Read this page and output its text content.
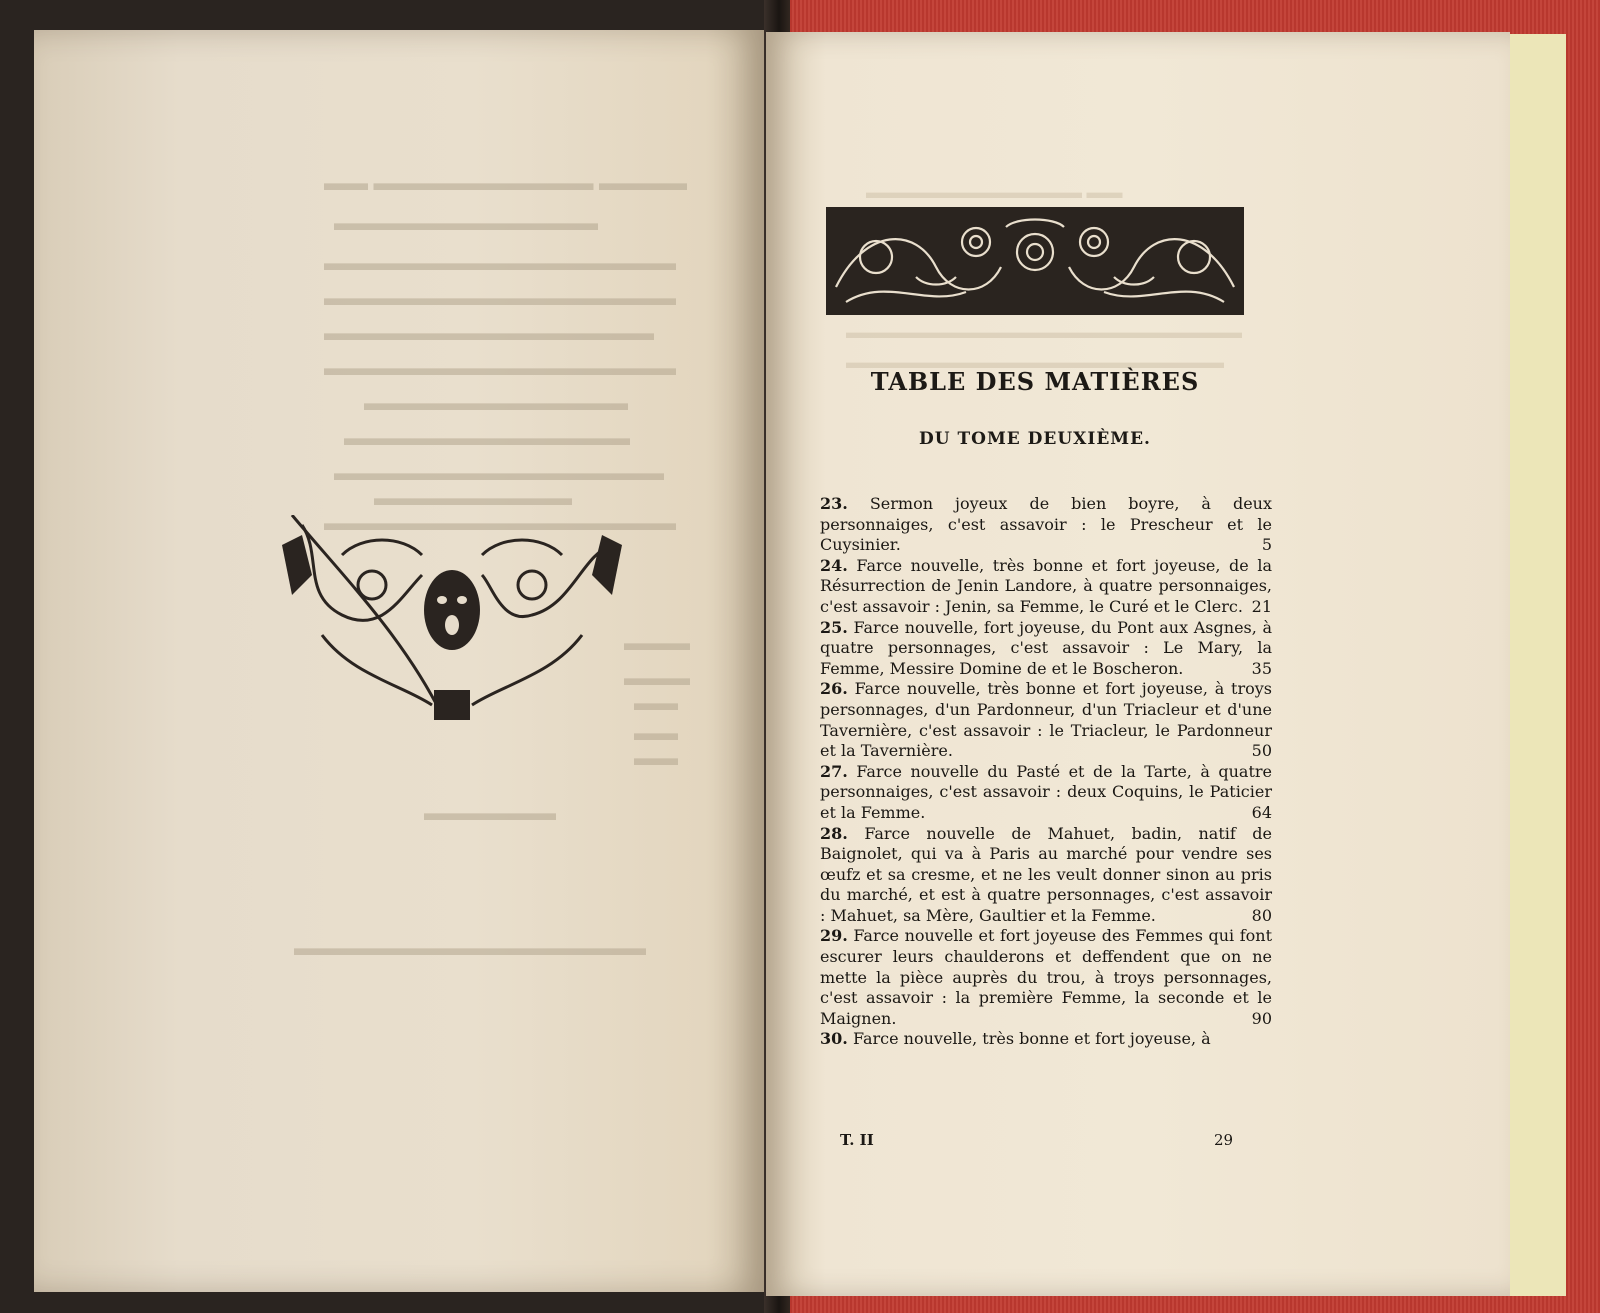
▬▬▬▬ ▬▬▬▬▬▬▬▬▬▬ ▬▬
▬▬▬▬▬▬▬▬▬▬▬▬
▬▬▬▬▬▬▬▬▬▬▬▬▬▬▬▬
▬▬▬▬▬▬▬▬▬▬▬▬▬▬▬▬
▬▬▬▬▬▬▬▬▬▬▬▬▬▬▬
▬▬▬▬▬▬▬▬▬▬▬▬▬▬▬▬
▬▬▬▬▬▬▬▬▬▬▬▬
▬▬▬▬▬▬▬▬▬▬▬▬▬
▬▬▬▬▬▬▬▬▬▬▬▬▬▬▬
▬▬▬▬▬▬▬▬▬
▬▬▬▬▬▬▬▬▬▬▬▬▬▬▬▬
▬▬▬
▬▬▬
▬▬
▬▬
▬▬
▬▬▬▬▬▬
▬▬▬▬▬▬▬▬▬▬▬▬▬▬▬▬
▬▬ ▬▬▬▬▬▬▬▬▬▬▬▬
▬▬▬▬▬▬▬▬▬▬▬▬▬▬▬▬▬▬▬▬▬▬
▬▬▬▬▬▬▬▬▬▬▬▬▬▬▬▬▬▬▬▬▬
TABLE DES MATIÈRES
DU TOME DEUXIÈME.

23. Sermon joyeux de bien boyre, à deux personnaiges, c'est assavoir : le Prescheur et le Cuysinier.	5

24. Farce nouvelle, très bonne et fort joyeuse, de la Résurrection de Jenin Landore, à quatre personnaiges, c'est assavoir : Jenin, sa Femme, le Curé et le Clerc. 21

25. Farce nouvelle, fort joyeuse, du Pont aux Asgnes, à quatre personnages, c'est assavoir : Le Mary, la Femme, Messire Domine de et le Boscheron.	35

26. Farce nouvelle, très bonne et fort joyeuse, à troys personnages, d'un Pardonneur, d'un Triacleur et d'une Tavernière, c'est assavoir : le Triacleur, le Pardonneur et la Tavernière.	50

27. Farce nouvelle du Pasté et de la Tarte, à quatre personnaiges, c'est assavoir : deux Coquins, le Paticier et la Femme.	64

28. Farce nouvelle de Mahuet, badin, natif de Baignolet, qui va à Paris au marché pour vendre ses œufz et sa cresme, et ne les veult donner sinon au pris du marché, et est à quatre personnages, c'est assavoir : Mahuet, sa Mère, Gaultier et la Femme.	80

29. Farce nouvelle et fort joyeuse des Femmes qui font escurer leurs chaulderons et deffendent que on ne mette la pièce auprès du trou, à troys personnages, c'est assavoir : la première Femme, la seconde et le Maignen.	90

30. Farce nouvelle, très bonne et fort joyeuse, à

T. II	29
